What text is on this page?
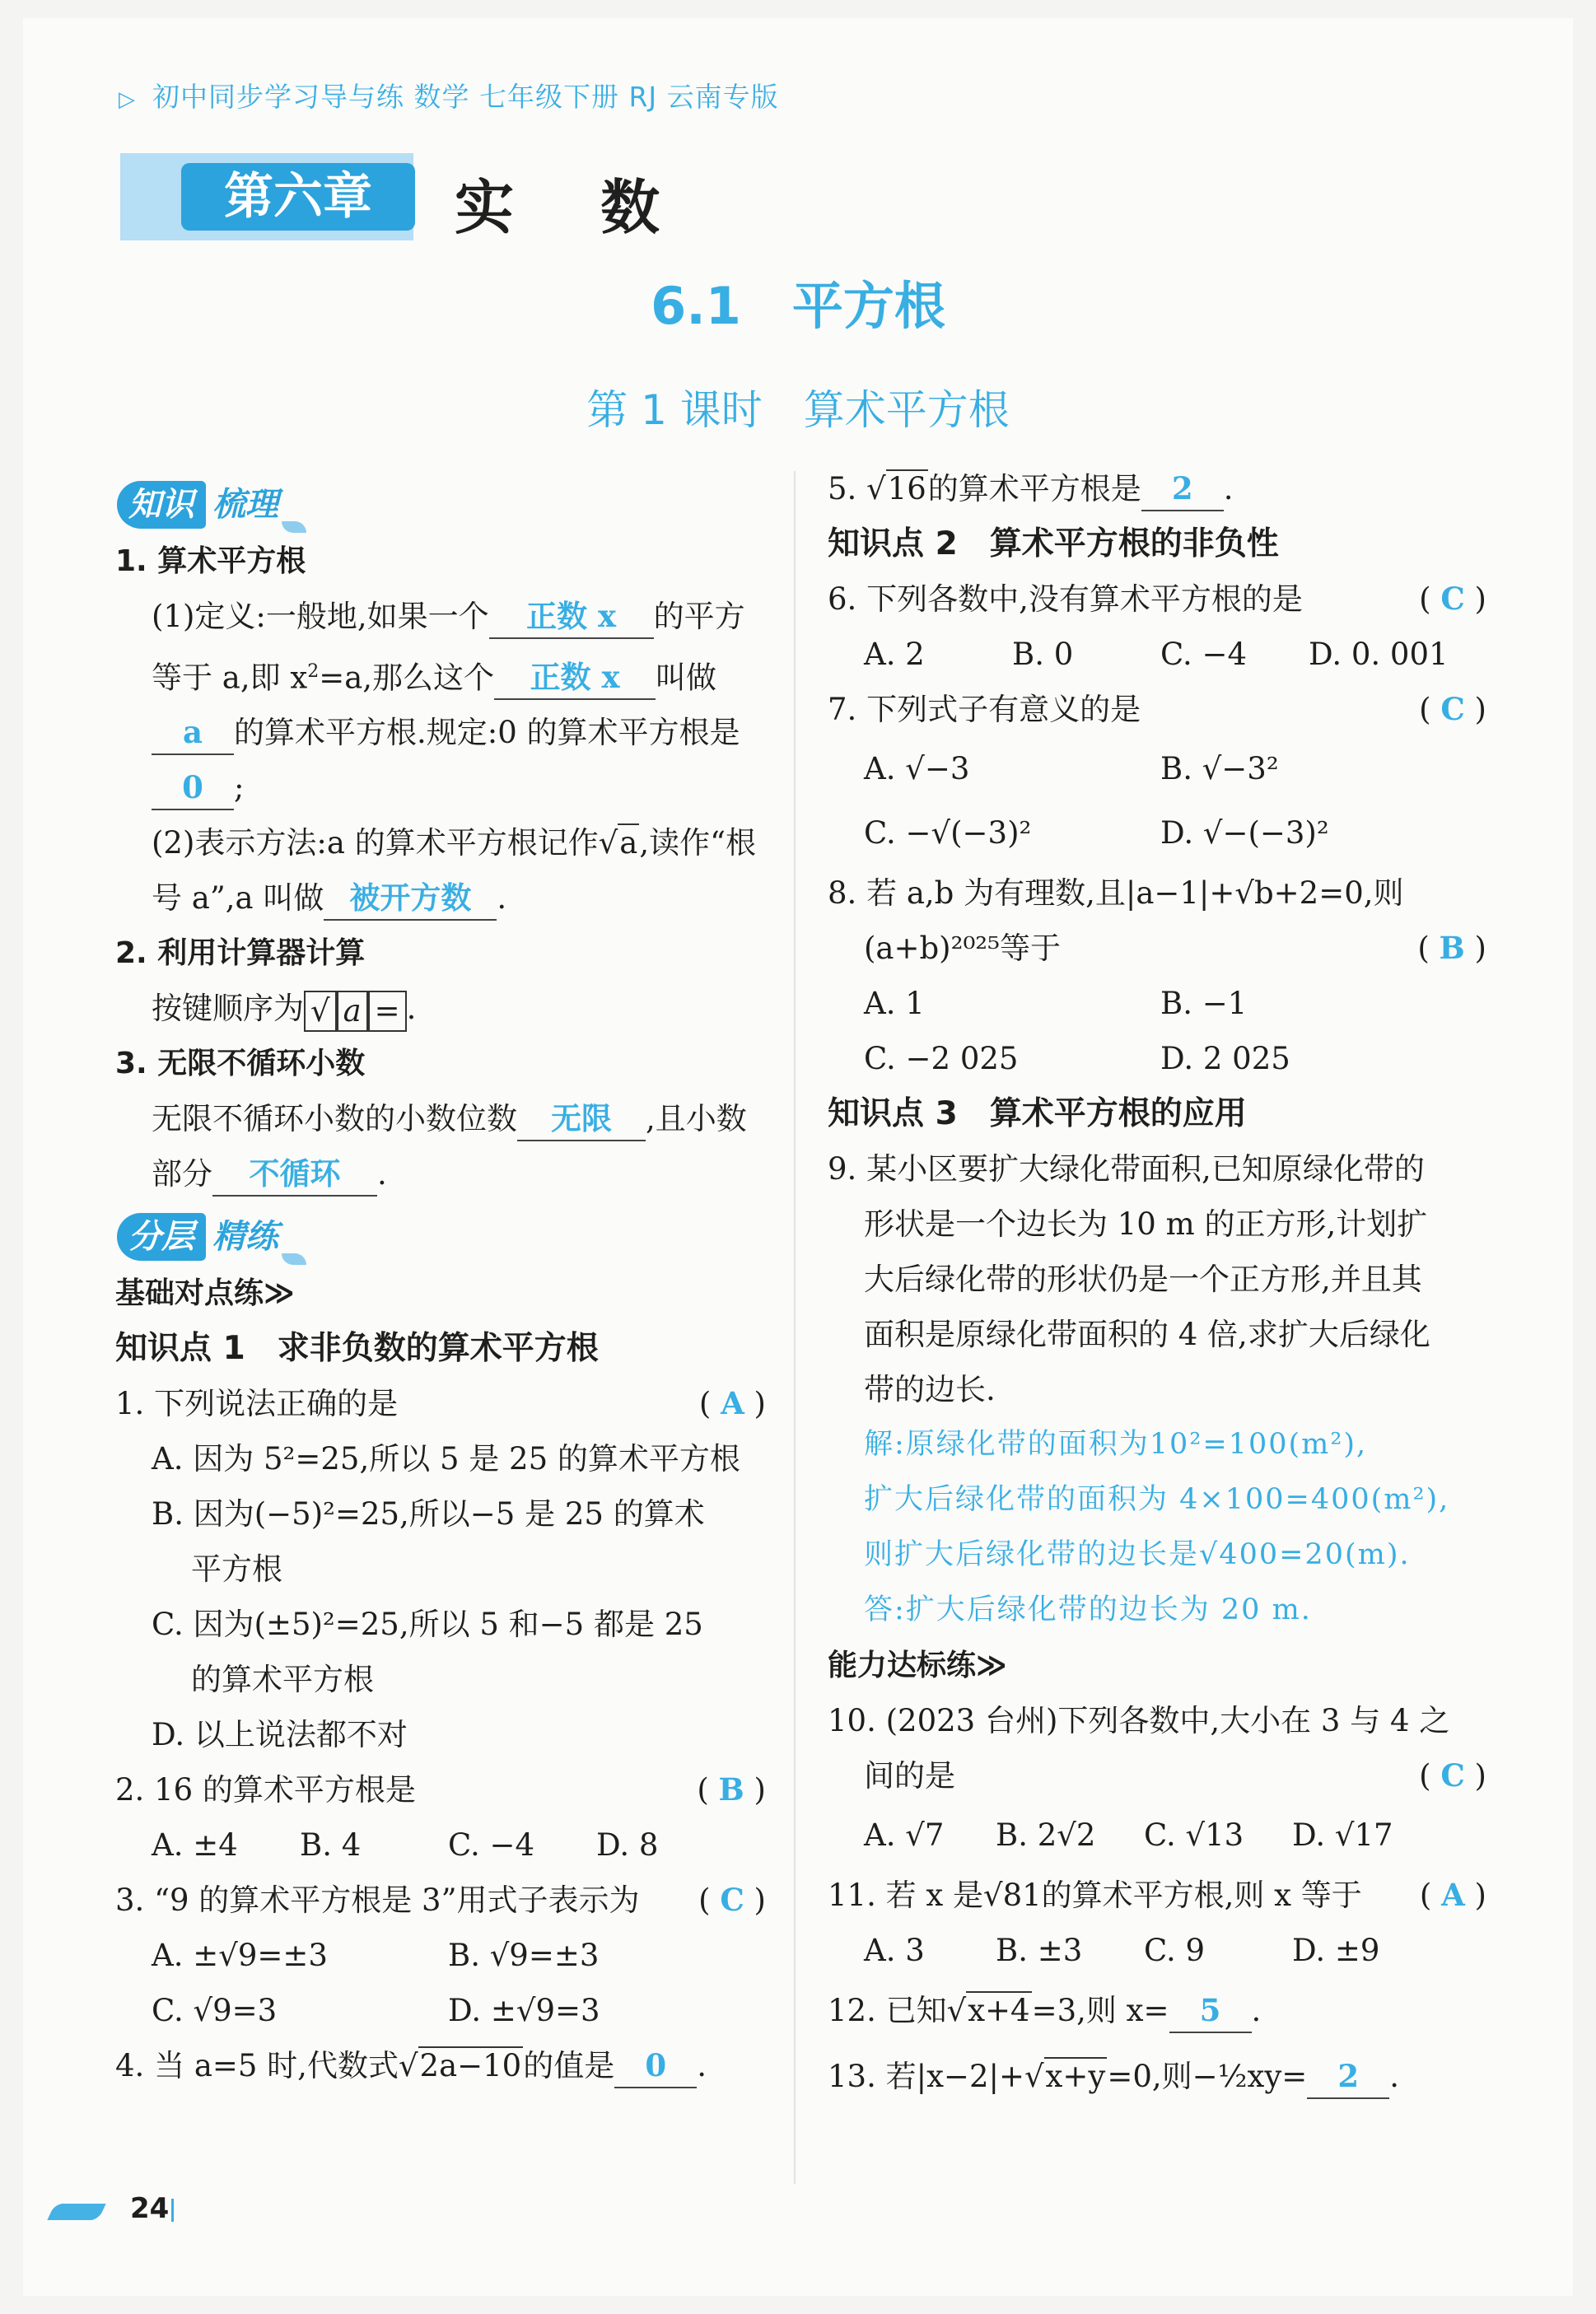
▷ 初中同步学习导与练 数学 七年级下册 RJ 云南专版
第六章	实 数
6.1　平方根
第 1 课时　算术平方根
知识 梳理
1. 算术平方根
(1)定义:一般地,如果一个 正数 x 的平方等于 a,即 $x^2=a$,那么这个 正数 x 叫做a 的算术平方根.规定:0 的算术平方根是0 ;
(2)表示方法:a 的算术平方根记作√a,读作“根号 a”,a 叫做 被开方数 .
2. 利用计算器计算
按键顺序为 √ a = .
3. 无限不循环小数
无限不循环小数的小数位数 无限 ,且小数部分 不循环 .
分层 精练
基础对点练≫
知识点 1　求非负数的算术平方根
1. 下列说法正确的是	( A )
A. 因为 5²=25,所以 5 是 25 的算术平方根
B. 因为(−5)²=25,所以−5 是 25 的算术
平方根
C. 因为(±5)²=25,所以 5 和−5 都是 25
的算术平方根
D. 以上说法都不对
2. 16 的算术平方根是	( B )
A. ±4	B. 4	C. −4	D. 8
3. “9 的算术平方根是 3”用式子表示为 ( C )
A. ±√9=±3	B. √9=±3
C. √9=3	D. ±√9=3
4. 当 a=5 时,代数式√2a−10的值是 0 .
5. √16的算术平方根是 2 .
知识点 2　算术平方根的非负性
6. 下列各数中,没有算术平方根的是	( C )
A. 2	B. 0	C. −4	D. 0. 001
7. 下列式子有意义的是	( C )
A. √−3	B. √−3²
C. −√(−3)²	D. √−(−3)²
8. 若 a,b 为有理数,且|a−1|+√b+2=0,则
(a+b)²⁰²⁵等于	( B )
A. 1	B. −1
C. −2 025	D. 2 025
知识点 3　算术平方根的应用
9. 某小区要扩大绿化带面积,已知原绿化带的
形状是一个边长为 10 m 的正方形,计划扩
大后绿化带的形状仍是一个正方形,并且其
面积是原绿化带面积的 4 倍,求扩大后绿化
带的边长.
解:原绿化带的面积为10²=100(m²),
扩大后绿化带的面积为 4×100=400(m²),
则扩大后绿化带的边长是√400=20(m).
答:扩大后绿化带的边长为 20 m.
能力达标练≫
10. (2023 台州)下列各数中,大小在 3 与 4 之
间的是	( C )
A. √7	B. 2√2	C. √13	D. √17
11. 若 x 是√81的算术平方根,则 x 等于 ( A )
A. 3	B. ±3	C. 9	D. ±9
12. 已知√x+4=3,则 x= 5 .
13. 若|x−2|+√x+y=0,则−½xy= 2 .
24
